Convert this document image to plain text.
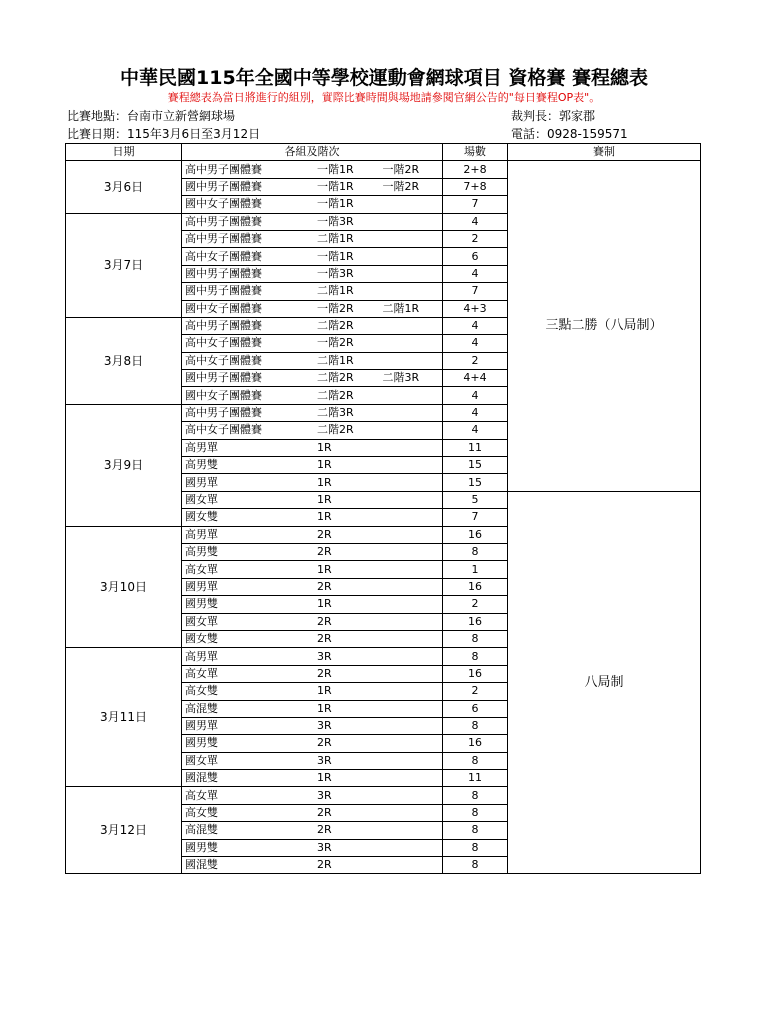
中華民國115年全國中等學校運動會網球項目 資格賽 賽程總表
賽程總表為當日將進行的組別，實際比賽時間與場地請參閱官網公告的"每日賽程OP表"。
比賽地點：台南市立新營網球場
比賽日期：115年3月6日至3月12日
裁判長：郭家郡
電話：0928-159571
日期	各組及階次	場數	賽制
3月6日	高中男子團體賽 一階1R 一階2R	2+8	三點二勝（八局制）

	國中男子團體賽 一階1R 一階2R	7+8	

	國中女子團體賽 一階1R	7	
3月7日	高中男子團體賽 一階3R	4	

	高中男子團體賽 二階1R	2	

	高中女子團體賽 一階1R	6	

	國中男子團體賽 一階3R	4	

	國中男子團體賽 二階1R	7	

	國中女子團體賽 一階2R 二階1R	4+3	
3月8日	高中男子團體賽 二階2R	4	

	高中女子團體賽 一階2R	4	

	高中女子團體賽 二階1R	2	

	國中男子團體賽 二階2R 二階3R	4+4	

	國中女子團體賽 二階2R	4	
3月9日	高中男子團體賽 二階3R	4	

	高中女子團體賽 二階2R	4	

	高男單 1R	11	

	高男雙 1R	15	

	國男單 1R	15	

	國女單 1R	5	八局制

	國女雙 1R	7	
3月10日	高男單 2R	16	

	高男雙 2R	8	

	高女單 1R	1	

	國男單 2R	16	

	國男雙 1R	2	

	國女單 2R	16	

	國女雙 2R	8	
3月11日	高男單 3R	8	

	高女單 2R	16	

	高女雙 1R	2	

	高混雙 1R	6	

	國男單 3R	8	

	國男雙 2R	16	

	國女單 3R	8	

	國混雙 1R	11	
3月12日	高女單 3R	8	

	高女雙 2R	8	

	高混雙 2R	8	

	國男雙 3R	8	

	國混雙 2R	8	
